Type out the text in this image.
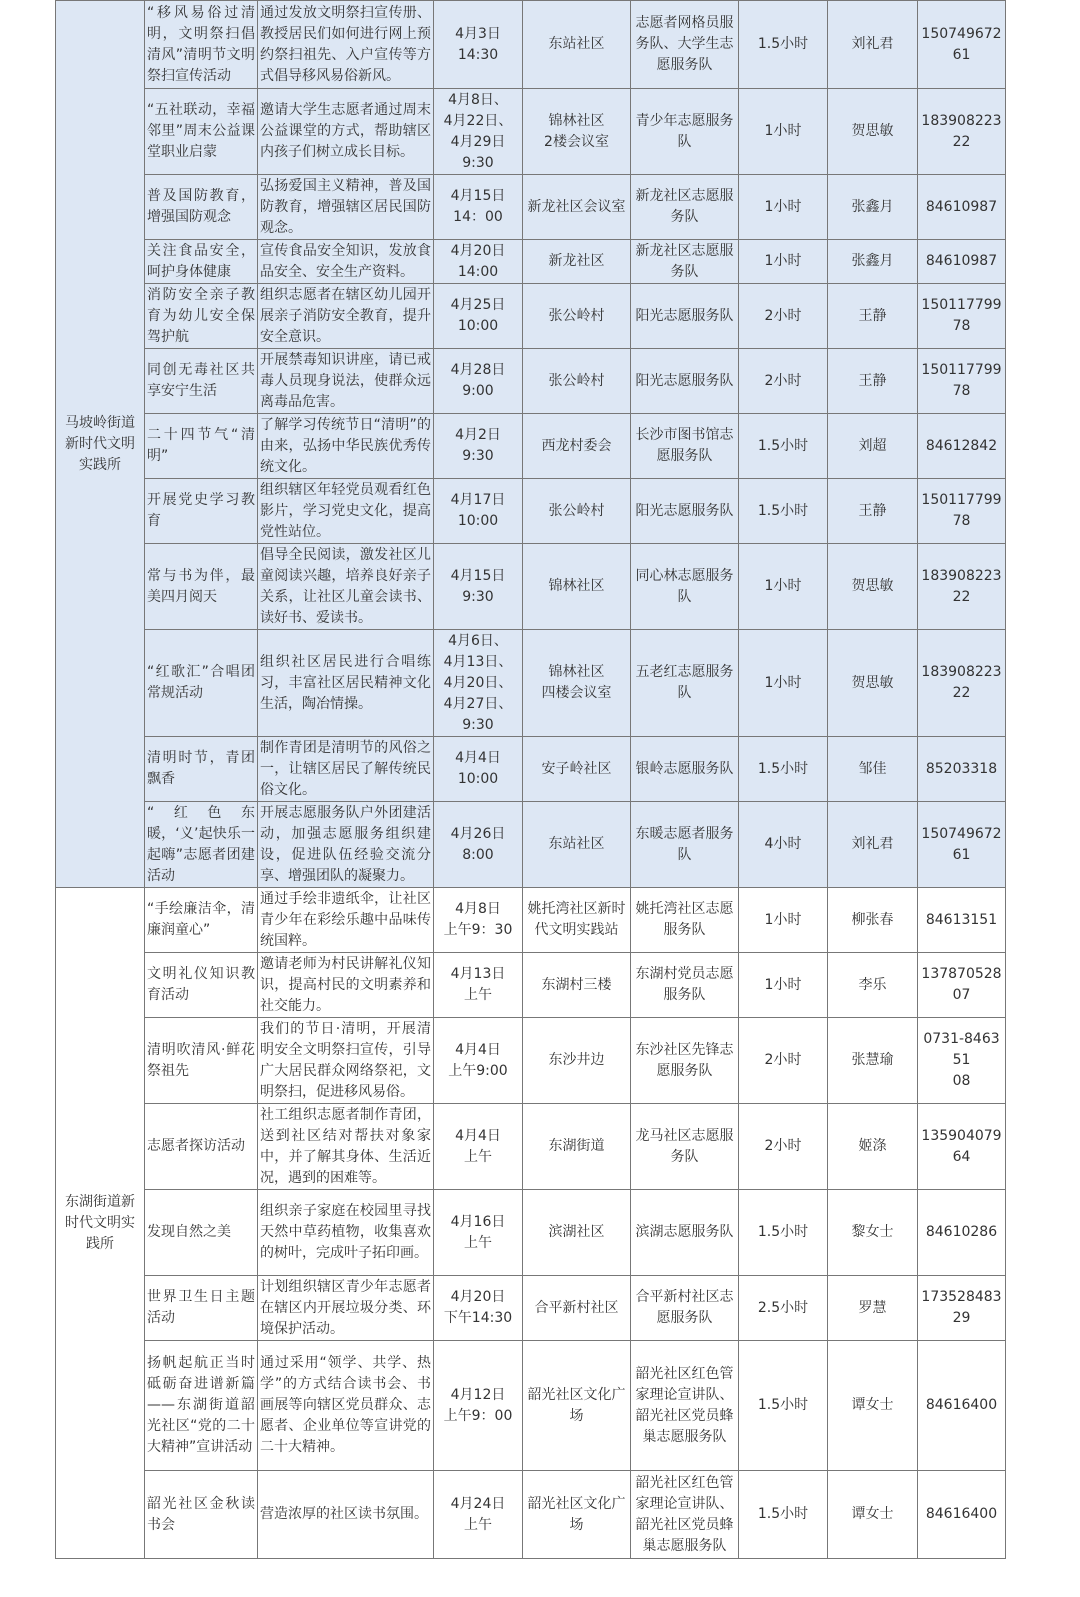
马坡岭街道新时代文明实践所	“移风易俗过清明，文明祭扫倡清风”清明节文明祭扫宣传活动	通过发放文明祭扫宣传册、教授居民们如何进行网上预约祭扫祖先、入户宣传等方式倡导移风易俗新风。	4月3日
14:30	东站社区	志愿者网格员服务队、大学生志愿服务队	1.5小时	刘礼君	15074967261
	“五社联动，幸福邻里”周末公益课堂职业启蒙	邀请大学生志愿者通过周末公益课堂的方式，帮助辖区内孩子们树立成长目标。	4月8日、
4月22日、
4月29日
9:30	锦林社区
2楼会议室	青少年志愿服务队	1小时	贺思敏	18390822322
	普及国防教育，增强国防观念	弘扬爱国主义精神，普及国防教育，增强辖区居民国防观念。	4月15日
14：00	新龙社区会议室	新龙社区志愿服务队	1小时	张鑫月	84610987
	关注食品安全，呵护身体健康	宣传食品安全知识，发放食品安全、安全生产资料。	4月20日
14:00	新龙社区	新龙社区志愿服务队	1小时	张鑫月	84610987
	消防安全亲子教育为幼儿安全保驾护航	组织志愿者在辖区幼儿园开展亲子消防安全教育，提升安全意识。	4月25日
10:00	张公岭村	阳光志愿服务队	2小时	王静	15011779978
	同创无毒社区共享安宁生活	开展禁毒知识讲座，请已戒毒人员现身说法，使群众远离毒品危害。	4月28日
9:00	张公岭村	阳光志愿服务队	2小时	王静	15011779978
	二十四节气“清明”	了解学习传统节日“清明”的由来，弘扬中华民族优秀传统文化。	4月2日
9:30	西龙村委会	长沙市图书馆志愿服务队	1.5小时	刘超	84612842
	开展党史学习教育	组织辖区年轻党员观看红色影片，学习党史文化，提高党性站位。	4月17日
10:00	张公岭村	阳光志愿服务队	1.5小时	王静	15011779978
	常与书为伴，最美四月阅天	倡导全民阅读，激发社区儿童阅读兴趣，培养良好亲子关系，让社区儿童会读书、读好书、爱读书。	4月15日
9:30	锦林社区	同心林志愿服务队	1小时	贺思敏	18390822322
	“红歌汇”合唱团常规活动	组织社区居民进行合唱练习，丰富社区居民精神文化生活，陶冶情操。	4月6日、
4月13日、
4月20日、
4月27日、
9:30	锦林社区
四楼会议室	五老红志愿服务队	1小时	贺思敏	18390822322
	清明时节，青团飘香	制作青团是清明节的风俗之一，让辖区居民了解传统民俗文化。	4月4日
10:00	安子岭社区	银岭志愿服务队	1.5小时	邹佳	85203318
	“红色东暖，‘义’起快乐一起嗨”志愿者团建活动	开展志愿服务队户外团建活动，加强志愿服务组织建设，促进队伍经验交流分享、增强团队的凝聚力。	4月26日
8:00	东站社区	东暖志愿者服务队	4小时	刘礼君	15074967261
东湖街道新时代文明实践所	“手绘廉洁伞，清廉润童心”	通过手绘非遗纸伞，让社区青少年在彩绘乐趣中品味传统国粹。	4月8日
上午9：30	姚托湾社区新时代文明实践站	姚托湾社区志愿服务队	1小时	柳张春	84613151
	文明礼仪知识教育活动	邀请老师为村民讲解礼仪知识，提高村民的文明素养和社交能力。	4月13日
上午	东湖村三楼	东湖村党员志愿服务队	1小时	李乐	13787052807
	清明吹清风·鲜花祭祖先	我们的节日·清明，开展清明安全文明祭扫宣传，引导广大居民群众网络祭祀，文明祭扫，促进移风易俗。	4月4日
上午9:00	东沙井边	东沙社区先锋志愿服务队	2小时	张慧瑜	0731-846351
08
	志愿者探访活动	社工组织志愿者制作青团，送到社区结对帮扶对象家中，并了解其身体、生活近况，遇到的困难等。	4月4日
上午	东湖街道	龙马社区志愿服务队	2小时	姬涤	13590407964
	发现自然之美	组织亲子家庭在校园里寻找天然中草药植物，收集喜欢的树叶，完成叶子拓印画。	4月16日
上午	滨湖社区	滨湖志愿服务队	1.5小时	黎女士	84610286
	世界卫生日主题活动	计划组织辖区青少年志愿者在辖区内开展垃圾分类、环境保护活动。	4月20日
下午14:30	合平新村社区	合平新村社区志愿服务队	2.5小时	罗慧	17352848329
	扬帆起航正当时砥砺奋进谱新篇——东湖街道韶光社区“党的二十大精神”宣讲活动	通过采用“领学、共学、热学”的方式结合读书会、书画展等向辖区党员群众、志愿者、企业单位等宣讲党的二十大精神。	4月12日
上午9：00	韶光社区文化广场	韶光社区红色管家理论宣讲队、韶光社区党员蜂巢志愿服务队	1.5小时	谭女士	84616400
	韶光社区金秋读书会	营造浓厚的社区读书氛围。	4月24日
上午	韶光社区文化广场	韶光社区红色管家理论宣讲队、韶光社区党员蜂巢志愿服务队	1.5小时	谭女士	84616400
